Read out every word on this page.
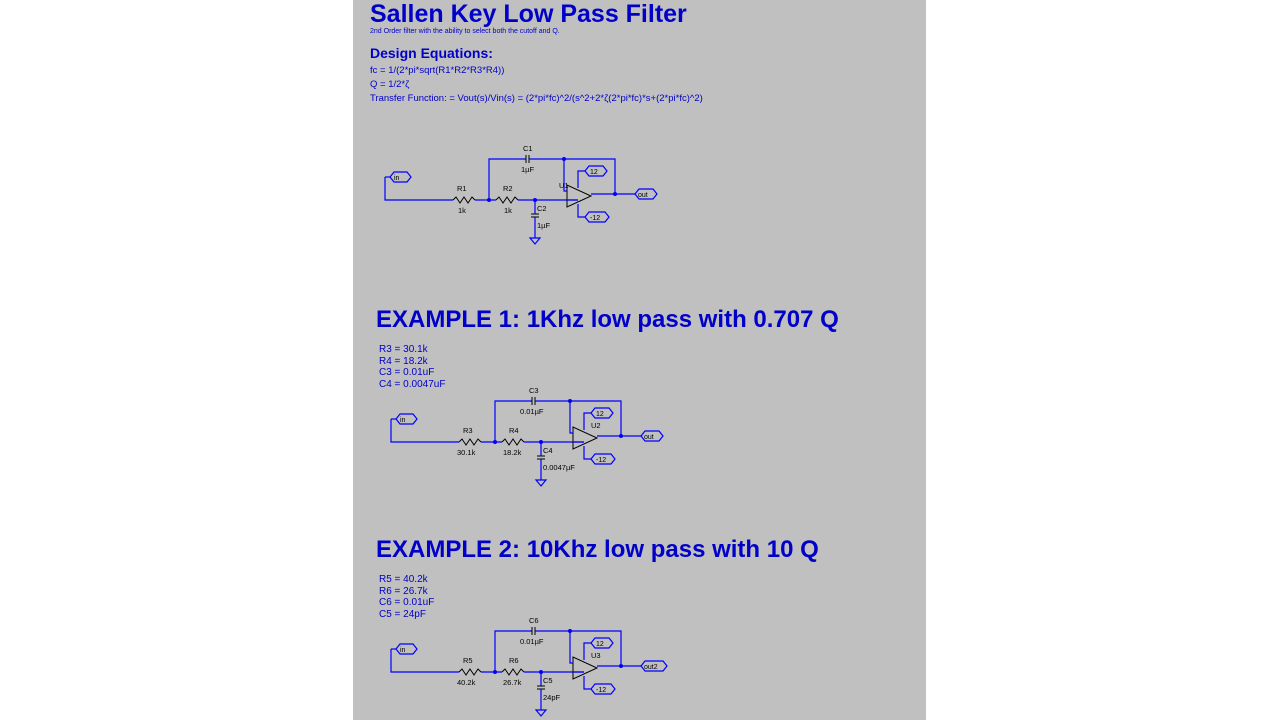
Sallen Key Low Pass Filter
2nd Order filter with the ability to select both the cutoff and Q.
Design Equations:
fc = 1/(2*pi*sqrt(R1*R2*R3*R4))
Q = 1/2*ζ
Transfer Function: = Vout(s)/Vin(s) = (2*pi*fc)^2/(s^2+2*ζ(2*pi*fc)*s+(2*pi*fc)^2)
EXAMPLE 1: 1Khz low pass with 0.707 Q
R3 = 30.1k
R4 = 18.2k
C3 = 0.01uF
C4 = 0.0047uF
EXAMPLE 2: 10Khz low pass with 10 Q
R5 = 40.2k
R6 = 26.7k
C6 = 0.01uF
C5 = 24pF
in
U1
12
-12
out
R1
1k
R2
1k
C1
1µF
C2
1µF
in
U2
12
-12
out
R3
30.1k
R4
18.2k
C3
0.01µF
C4
0.0047µF
in
U3
12
-12
out2
R5
40.2k
R6
26.7k
C6
0.01µF
C5
24pF
